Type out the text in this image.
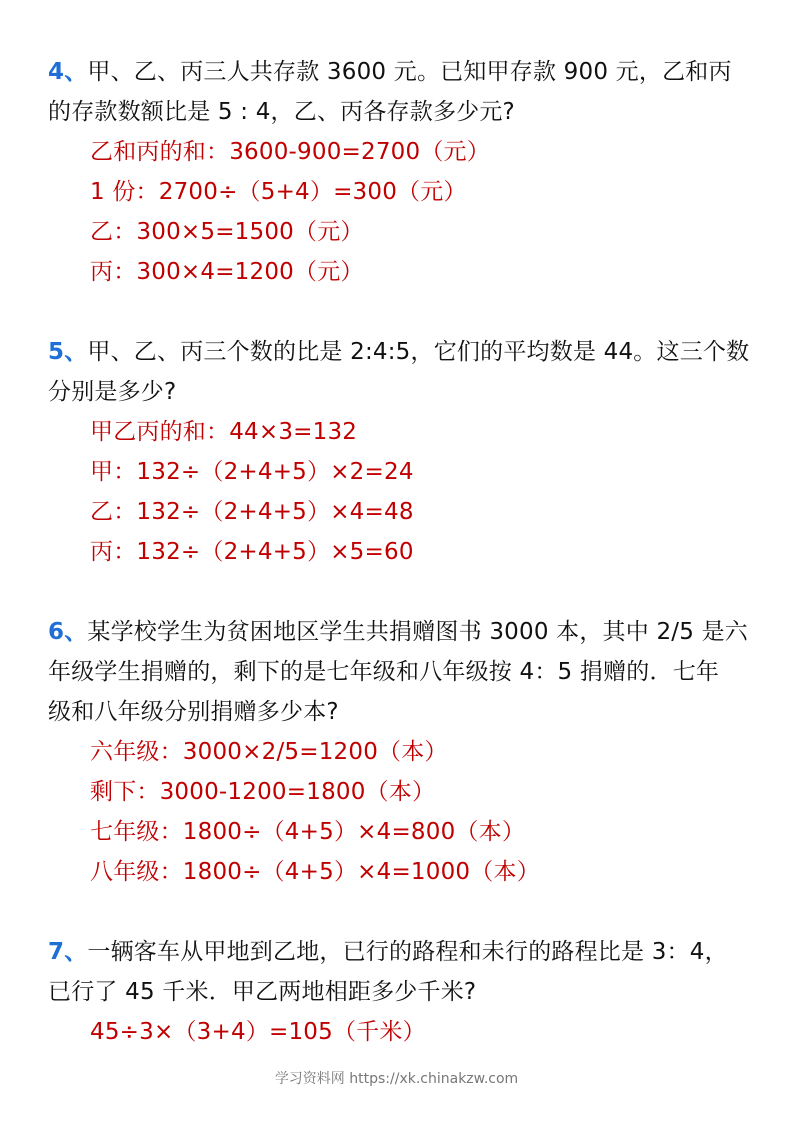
4、甲、乙、丙三人共存款 3600 元。已知甲存款 900 元，乙和丙
的存款数额比是 5 : 4，乙、丙各存款多少元?
乙和丙的和：3600-900=2700（元）
1 份：2700÷（5+4）=300（元）
乙：300×5=1500（元）
丙：300×4=1200（元）
5、甲、乙、丙三个数的比是 2:4:5，它们的平均数是 44。这三个数
分别是多少?
甲乙丙的和：44×3=132
甲：132÷（2+4+5）×2=24
乙：132÷（2+4+5）×4=48
丙：132÷（2+4+5）×5=60
6、某学校学生为贫困地区学生共捐赠图书 3000 本，其中 2/5 是六
年级学生捐赠的，剩下的是七年级和八年级按 4：5 捐赠的．七年
级和八年级分别捐赠多少本?
六年级：3000×2/5=1200（本）
剩下：3000-1200=1800（本）
七年级：1800÷（4+5）×4=800（本）
八年级：1800÷（4+5）×4=1000（本）
7、一辆客车从甲地到乙地，已行的路程和未行的路程比是 3：4，
已行了 45 千米．甲乙两地相距多少千米?
45÷3×（3+4）=105（千米）
学习资料网 https://xk.chinakzw.com
